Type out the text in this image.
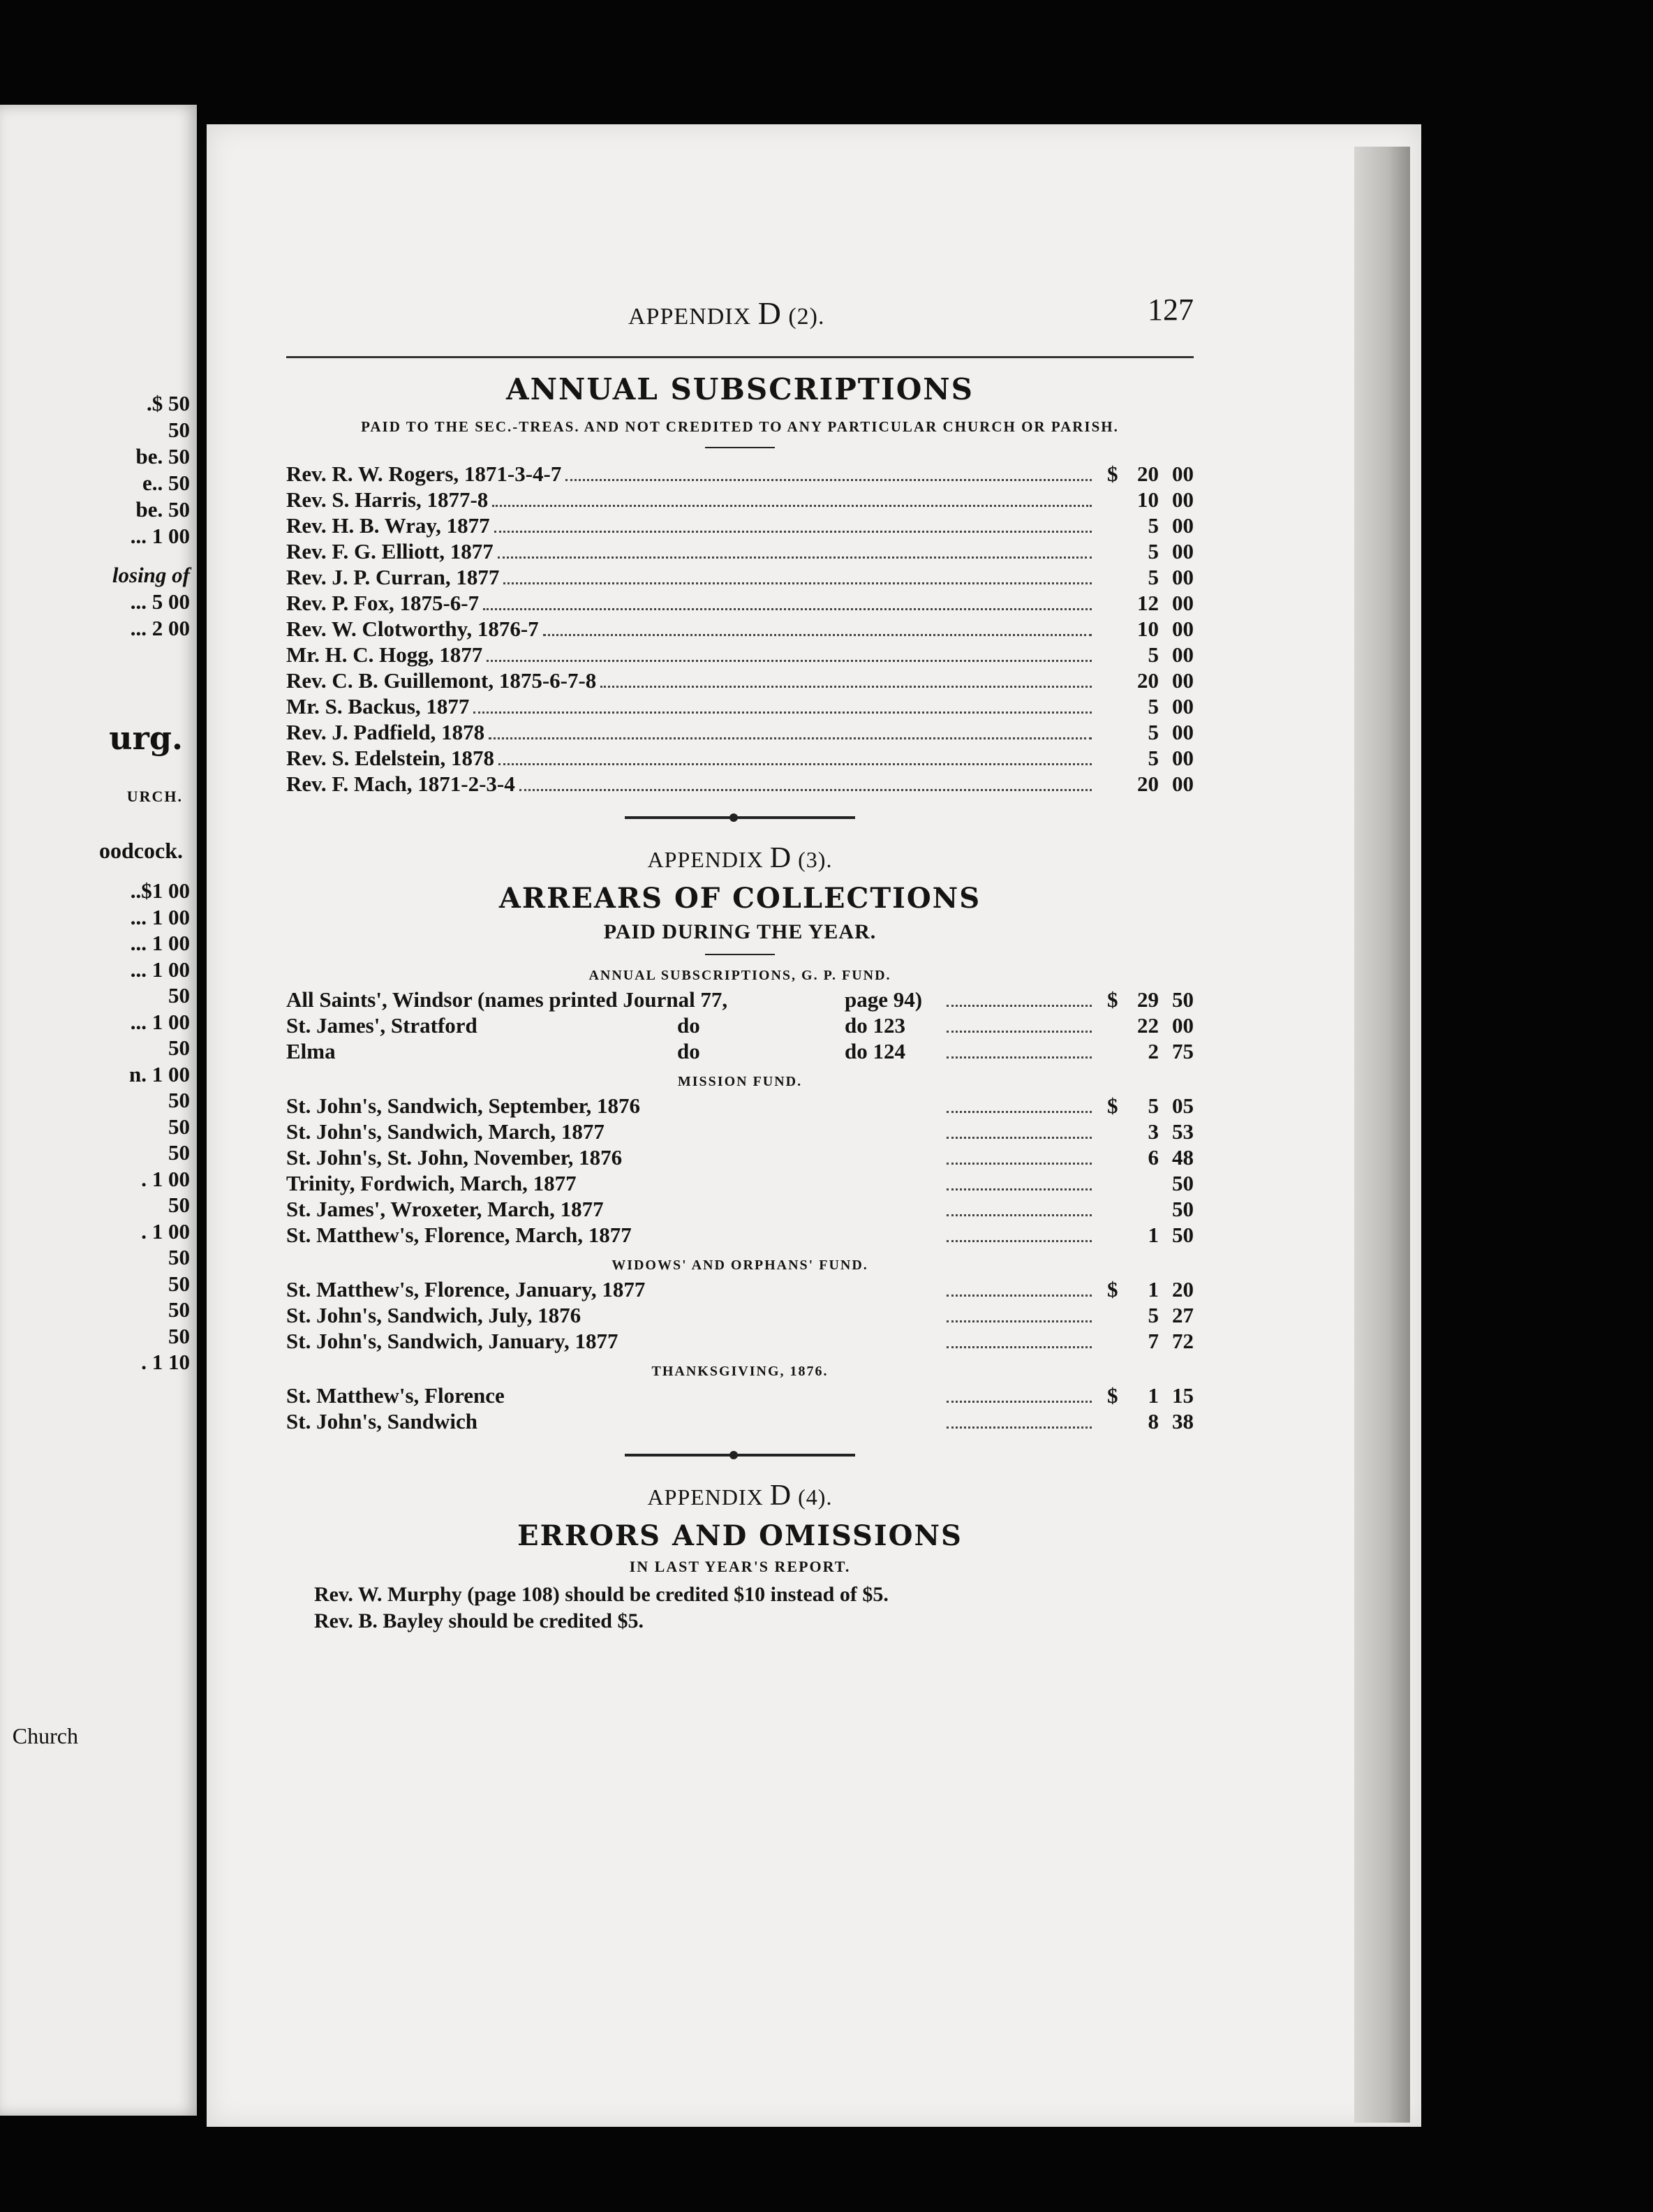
.$ 50
50
be. 50
e.. 50
be. 50
... 1 00
losing of
... 5 00
... 2 00
urg.
URCH.
oodcock.
..$1 00
... 1 00
... 1 00
... 1 00
50
... 1 00
50
n. 1 00
50
50
50
. 1 00
50
. 1 00
50
50
50
50
. 1 10
Church
APPENDIX D (2).	127
ANNUAL SUBSCRIPTIONS
PAID TO THE SEC.-TREAS. AND NOT CREDITED TO ANY PARTICULAR CHURCH OR PARISH.
Rev. R. W. Rogers, 1871-3-4-7	$ 20 00
Rev. S. Harris, 1877-8	10 00
Rev. H. B. Wray, 1877	5 00
Rev. F. G. Elliott, 1877	5 00
Rev. J. P. Curran, 1877	5 00
Rev. P. Fox, 1875-6-7	12 00
Rev. W. Clotworthy, 1876-7	10 00
Mr. H. C. Hogg, 1877	5 00
Rev. C. B. Guillemont, 1875-6-7-8	20 00
Mr. S. Backus, 1877	5 00
Rev. J. Padfield, 1878	5 00
Rev. S. Edelstein, 1878	5 00
Rev. F. Mach, 1871-2-3-4	20 00
APPENDIX D (3).
ARREARS OF COLLECTIONS
PAID DURING THE YEAR.
ANNUAL SUBSCRIPTIONS, G. P. FUND.
All Saints', Windsor (names printed Journal 77,	page 94)	$ 29 50
St. James', Stratford	do	do 123	22 00
Elma	do	do 124	2 75
MISSION FUND.
St. John's, Sandwich, September, 1876	$ 5 05
St. John's, Sandwich, March, 1877	3 53
St. John's, St. John, November, 1876	6 48
Trinity, Fordwich, March, 1877	50
St. James', Wroxeter, March, 1877	50
St. Matthew's, Florence, March, 1877	1 50
WIDOWS' AND ORPHANS' FUND.
St. Matthew's, Florence, January, 1877	$ 1 20
St. John's, Sandwich, July, 1876	5 27
St. John's, Sandwich, January, 1877	7 72
THANKSGIVING, 1876.
St. Matthew's, Florence	$ 1 15
St. John's, Sandwich	8 38
APPENDIX D (4).
ERRORS AND OMISSIONS
IN LAST YEAR'S REPORT.
Rev. W. Murphy (page 108) should be credited $10 instead of $5.
Rev. B. Bayley should be credited $5.
